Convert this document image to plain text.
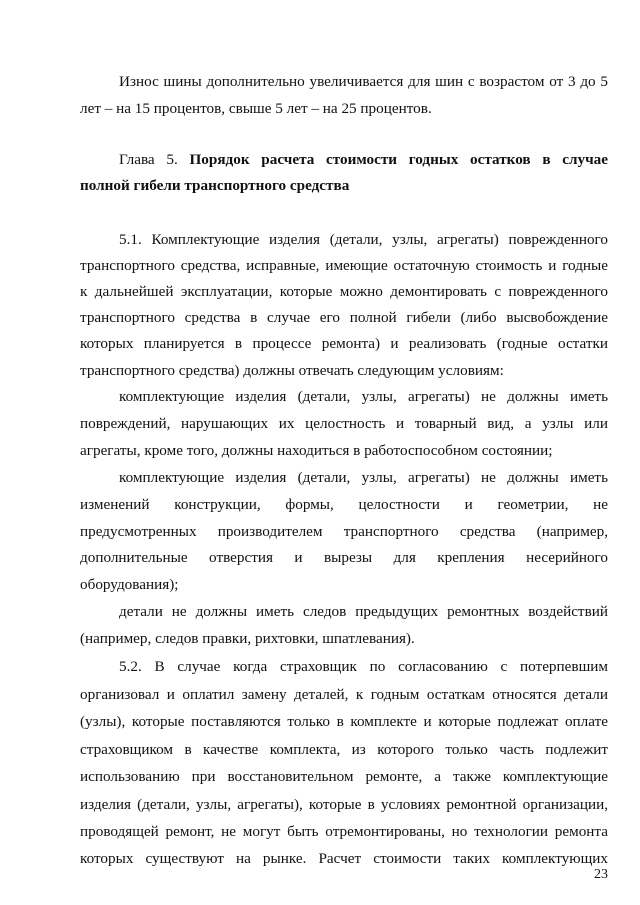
Износ шины дополнительно увеличивается для шин с возрастом от 3 до 5
лет – на 15 процентов, свыше 5 лет – на 25 процентов.
Глава 5. Порядок расчета стоимости годных остатков в случае
полной гибели транспортного средства
5.1. Комплектующие изделия (детали, узлы, агрегаты) поврежденного
транспортного средства, исправные, имеющие остаточную стоимость и годные
к дальнейшей эксплуатации, которые можно демонтировать с поврежденного
транспортного средства в случае его полной гибели (либо высвобождение
которых планируется в процессе ремонта) и реализовать (годные остатки
транспортного средства) должны отвечать следующим условиям:
комплектующие изделия (детали, узлы, агрегаты) не должны иметь
повреждений, нарушающих их целостность и товарный вид, а узлы или
агрегаты, кроме того, должны находиться в работоспособном состоянии;
комплектующие изделия (детали, узлы, агрегаты) не должны иметь
изменений конструкции, формы, целостности и геометрии, не
предусмотренных производителем транспортного средства (например,
дополнительные отверстия и вырезы для крепления несерийного
оборудования);
детали не должны иметь следов предыдущих ремонтных воздействий
(например, следов правки, рихтовки, шпатлевания).
5.2. В случае когда страховщик по согласованию с потерпевшим
организовал и оплатил замену деталей, к годным остаткам относятся детали
(узлы), которые поставляются только в комплекте и которые подлежат оплате
страховщиком в качестве комплекта, из которого только часть подлежит
использованию при восстановительном ремонте, а также комплектующие
изделия (детали, узлы, агрегаты), которые в условиях ремонтной организации,
проводящей ремонт, не могут быть отремонтированы, но технологии ремонта
которых существуют на рынке. Расчет стоимости таких комплектующих
23
